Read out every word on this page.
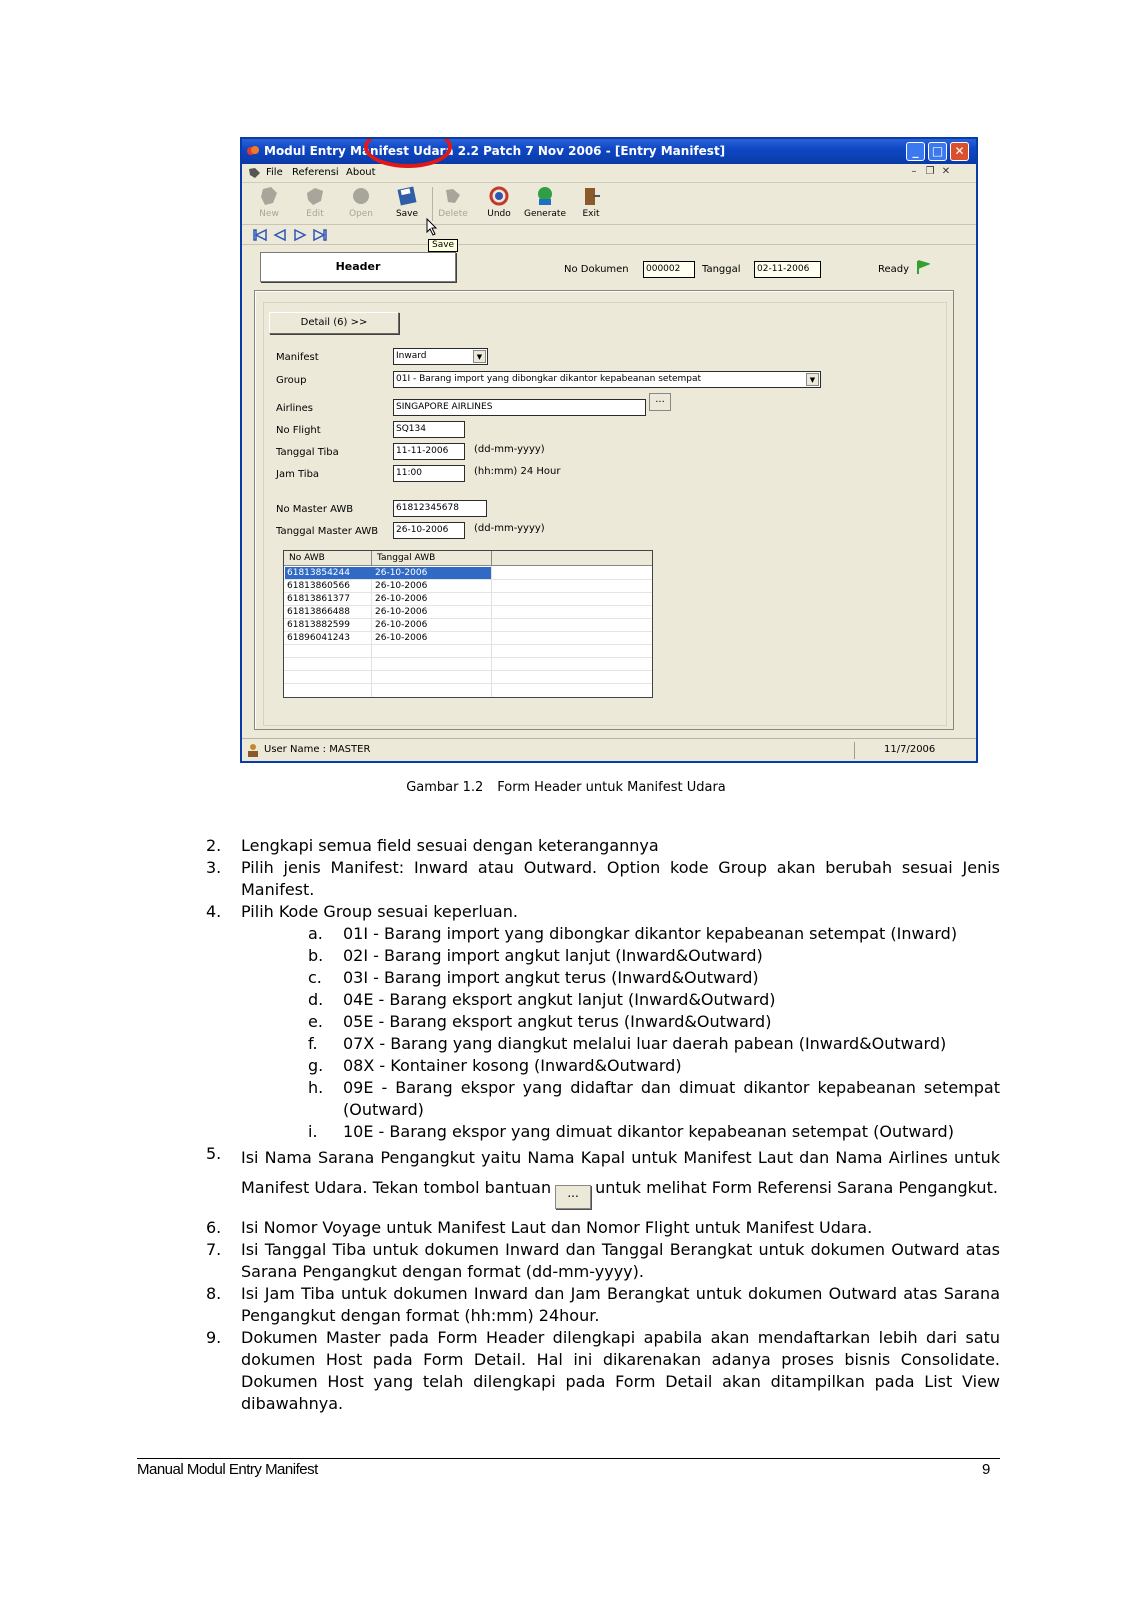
Modul Entry Manifest Udara 2.2 Patch 7 Nov 2006 - [Entry Manifest]	_	□ ✕
File Referensi About	– ❐ ✕
New	Edit	Open	Save	Delete	Undo	Generate	Exit
Save
Header	No Dokumen	000002	Tanggal	02-11-2006	Ready
Detail (6) >>
Manifest	Inward	▼
Group	01I - Barang import yang dibongkar dikantor kepabeanan setempat	▼
Airlines	SINGAPORE AIRLINES
...
No Flight	SQ134
Tanggal Tiba	11-11-2006	(dd-mm-yyyy)
Jam Tiba	11:00	(hh:mm) 24 Hour
No Master AWB	61812345678
Tanggal Master AWB	26-10-2006	(dd-mm-yyyy)
No AWB	Tanggal AWB
61813854244	26-10-2006
61813860566	26-10-2006
61813861377	26-10-2006
61813866488	26-10-2006
61813882599	26-10-2006
61896041243	26-10-2006
User Name : MASTER	11/7/2006
Gambar 1.2 Form Header untuk Manifest Udara
2.	Lengkapi semua field sesuai dengan keterangannya
3.	Pilih jenis Manifest: Inward atau Outward. Option kode Group akan berubah sesuai Jenis Manifest.
4.	Pilih Kode Group sesuai keperluan.
a.	01I - Barang import yang dibongkar dikantor kepabeanan setempat (Inward)
b.	02I - Barang import angkut lanjut (Inward&Outward)
c.	03I - Barang import angkut terus (Inward&Outward)
d.	04E - Barang eksport angkut lanjut (Inward&Outward)
e.	05E - Barang eksport angkut terus (Inward&Outward)
f.	07X - Barang yang diangkut melalui luar daerah pabean (Inward&Outward)
g.	08X - Kontainer kosong (Inward&Outward)
h.	09E - Barang ekspor yang didaftar dan dimuat dikantor kepabeanan setempat (Outward)
i.	10E - Barang ekspor yang dimuat dikantor kepabeanan setempat (Outward)
5.	Isi Nama Sarana Pengangkut yaitu Nama Kapal untuk Manifest Laut dan Nama Airlines untuk Manifest Udara. Tekan tombol bantuan ... untuk melihat Form Referensi Sarana Pengangkut.
6.	Isi Nomor Voyage untuk Manifest Laut dan Nomor Flight untuk Manifest Udara.
7.	Isi Tanggal Tiba untuk dokumen Inward dan Tanggal Berangkat untuk dokumen Outward atas Sarana Pengangkut dengan format (dd-mm-yyyy).
8.	Isi Jam Tiba untuk dokumen Inward dan Jam Berangkat untuk dokumen Outward atas Sarana Pengangkut dengan format (hh:mm) 24hour.
9.	Dokumen Master pada Form Header dilengkapi apabila akan mendaftarkan lebih dari satu dokumen Host pada Form Detail. Hal ini dikarenakan adanya proses bisnis Consolidate. Dokumen Host yang telah dilengkapi pada Form Detail akan ditampilkan pada List View dibawahnya.
Manual Modul Entry Manifest	9
